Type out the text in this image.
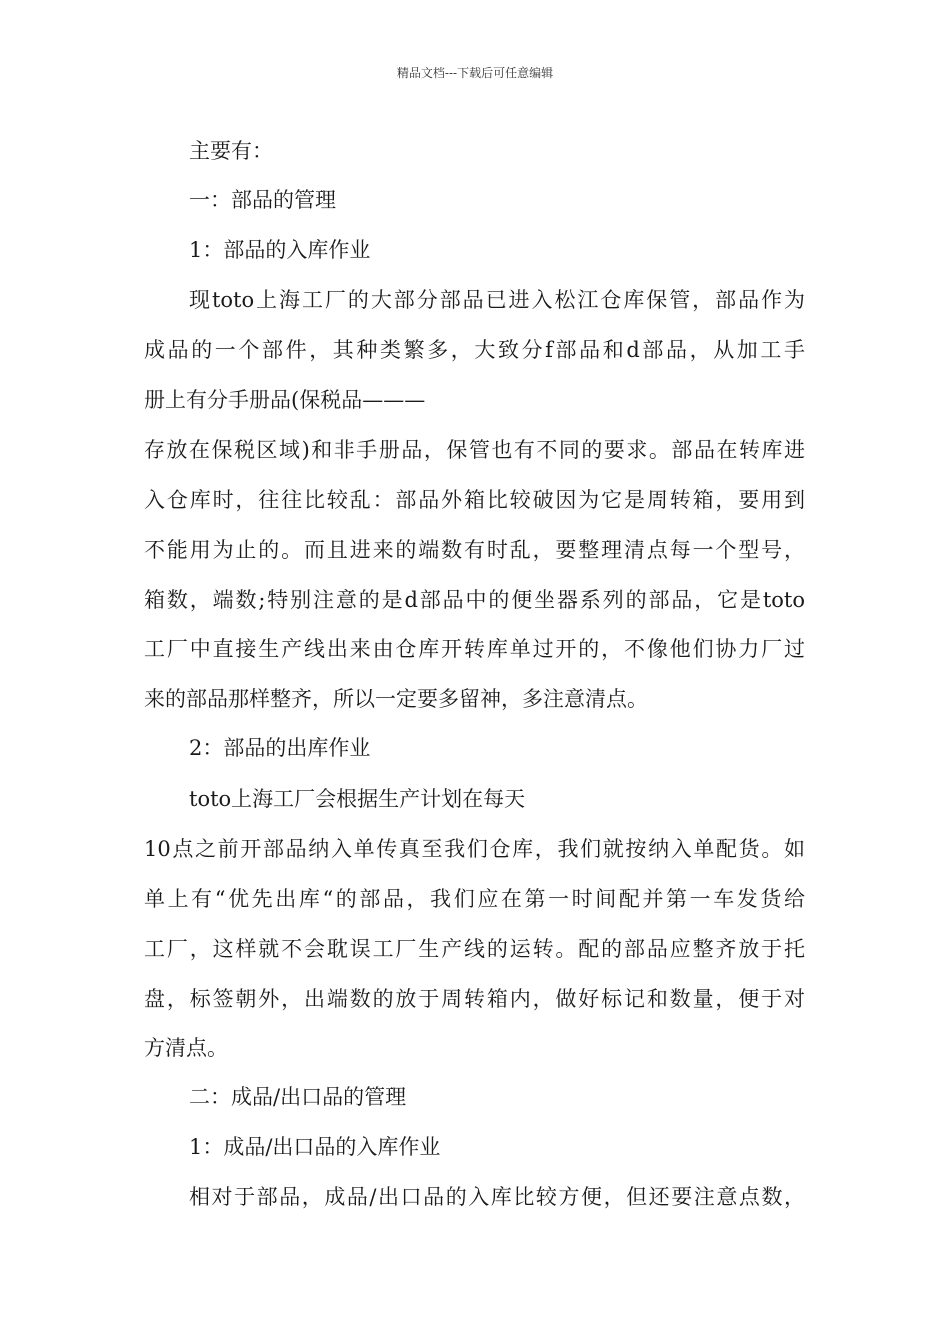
精品文档---下载后可任意编辑
主要有：
一：部品的管理
1：部品的入库作业
现toto上海工厂的大部分部品已进入松江仓库保管，部品作为
成品的一个部件，其种类繁多，大致分f部品和d部品，从加工手
册上有分手册品(保税品———
存放在保税区域)和非手册品，保管也有不同的要求。部品在转库进
入仓库时，往往比较乱：部品外箱比较破因为它是周转箱，要用到
不能用为止的。而且进来的端数有时乱，要整理清点每一个型号，
箱数，端数;特别注意的是d部品中的便坐器系列的部品，它是toto
工厂中直接生产线出来由仓库开转库单过开的，不像他们协力厂过
来的部品那样整齐，所以一定要多留神，多注意清点。
2：部品的出库作业
toto上海工厂会根据生产计划在每天
10点之前开部品纳入单传真至我们仓库，我们就按纳入单配货。如
单上有“优先出库“的部品，我们应在第一时间配并第一车发货给
工厂，这样就不会耽误工厂生产线的运转。配的部品应整齐放于托
盘，标签朝外，出端数的放于周转箱内，做好标记和数量，便于对
方清点。
二：成品/出口品的管理
1：成品/出口品的入库作业
相对于部品，成品/出口品的入库比较方便，但还要注意点数，
